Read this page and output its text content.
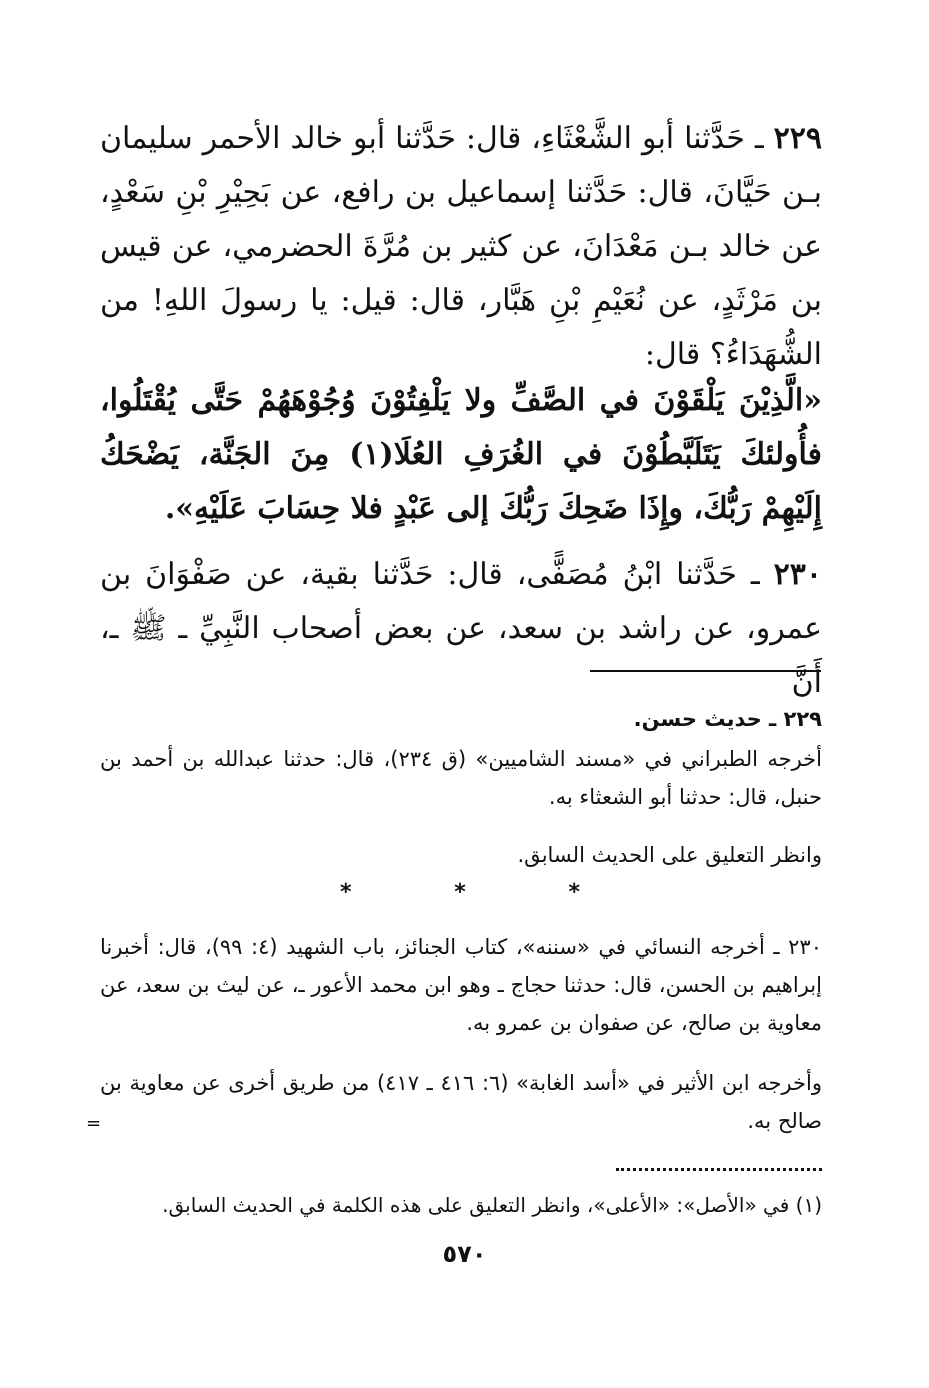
٢٢٩ ـ حَدَّثنا أبو الشَّعْثَاءِ، قال: حَدَّثنا أبو خالد الأحمر سليمان بـن حَيَّانَ، قال: حَدَّثنا إسماعيل بن رافع، عن بَحِيْرِ بْنِ سَعْدٍ، عن خالد بـن مَعْدَانَ، عن كثير بن مُرَّةَ الحضرمي، عن قيس بن مَرْثَدٍ، عن نُعَيْمِ بْنِ هَبَّار، قال: قيل: يا رسولَ اللهِ! من الشُّهَدَاءُ؟ قال:

«الَّذِيْنَ يَلْقَوْنَ في الصَّفِّ ولا يَلْفِتُوْنَ وُجُوْهَهُمْ حَتَّى يُقْتَلُوا، فأُولئكَ يَتَلَبَّطُوْنَ في الغُرَفِ العُلَا(١) مِنَ الجَنَّة، يَضْحَكُ إِلَيْهِمْ رَبُّكَ، وإِذَا ضَحِكَ رَبُّكَ إلى عَبْدٍ فلا حِسَابَ عَلَيْهِ».

٢٣٠ ـ حَدَّثنا ابْنُ مُصَفًّى، قال: حَدَّثنا بقية، عن صَفْوَانَ بن عمرو، عن راشد بن سعد، عن بعض أصحاب النَّبِيِّ ـ ﷺ ـ، أَنَّ

٢٢٩ ـ حديث حسن.

أخرجه الطبراني في «مسند الشاميين» (ق ٢٣٤)، قال: حدثنا عبدالله بن أحمد بن حنبل، قال: حدثنا أبو الشعثاء به.

وانظر التعليق على الحديث السابق.

*	*	*

٢٣٠ ـ أخرجه النسائي في «سننه»، كتاب الجنائز، باب الشهيد (٤: ٩٩)، قال: أخبرنا إبراهيم بن الحسن، قال: حدثنا حجاج ـ وهو ابن محمد الأعور ـ، عن ليث بن سعد، عن معاوية بن صالح، عن صفوان بن عمرو به.

وأخرجه ابن الأثير في «أسد الغابة» (٦: ٤١٦ ـ ٤١٧) من طريق أخرى عن معاوية بن صالح به.

=

(١) في «الأصل»: «الأعلى»، وانظر التعليق على هذه الكلمة في الحديث السابق.

٥٧٠
